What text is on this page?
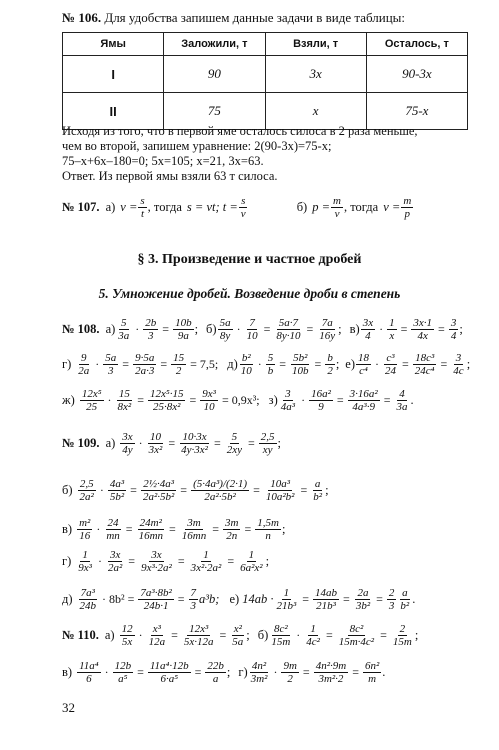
№ 106. Для удобства запишем данные задачи в виде таблицы:
Ямы	Заложили, т	Взяли, т	Осталось, т
I	90	3x	90-3x
II	75	x	75-x
Исходя из того, что в первой яме осталось силоса в 2 раза меньше,
чем во второй, запишем уравнение: 2(90-3x)=75-x;
75–x+6x–180=0; 5x=105; x=21, 3x=63.
Ответ. Из первой ямы взяли 63 т силоса.
№ 107. а) $v = \frac{s}{t}$ , тогда s = vt; $t = \frac{s}{v}$	б) $p = \frac{m}{v}$ , тогда $v = \frac{m}{p}$
§ 3. Произведение и частное дробей
5. Умножение дробей. Возведение дроби в степень
№ 108. а) 5
$3a \cdot \frac{2b}{3} = \frac{10b}{9a}$ ; б) 5a
$8y \cdot \frac{7}{10} = \frac{5a\cdot 7}{8y\cdot 10} = \frac{7a}{16y}$ ; в) 3x
$4 \cdot \frac{1}{x} = \frac{3x\cdot 1}{4x} = \frac{3}{4}$ ;
г) 9
$2a \cdot \frac{5a}{3} = \frac{9\cdot 5a}{2a\cdot 3} = \frac{15}{2} = 7,5$; д) b²
$10 \cdot \frac{5}{b} = \frac{\text{5b²}}{10b} = \frac{b}{2}$ ; е) 18
$c^4 \cdot \frac{\text{c³}}{24} = \frac{\text{18c³}}{\text{24c⁴}} = \frac{3}{4c}$ ;
ж) 12x⁵
$25 \cdot \frac{15}{\text{8x²}} = \frac{\text{12x⁵·15}}{\text{25·8x²}} = \frac{\text{9x³}}{10} = 0,9x^3$; з) 3
$4a^3 \cdot \frac{\text{16a²}}{9} = \frac{\text{3·16a²}}{\text{4a³·9}} = \frac{4}{3a}$ .
№ 109. а) 3x
$4y \cdot \frac{10}{\text{3x²}} = \frac{10\cdot 3x}{\text{4y·3x²}} = \frac{5}{2xy} = \frac{2,5}{xy}$ ;
б) 2,5
$2a^2 \cdot \frac{\text{4a³}}{\text{5b²}} = \frac{\text{2½·4a³}}{\text{2a²·5b²}} = \frac{\text{(5·4a³)/(2·1)}}{\text{2a²·5b²}} = \frac{\text{10a³}}{\text{10a²b²}} = \frac{a}{\text{b²}}$ ;
в) m²
$16 \cdot \frac{24}{mn} = \frac{\text{24m²}}{16mn} = \frac{3m}{16mn} = \frac{3m}{2n} = \frac{1,5m}{n}$ ;
г) 1
$9x^3 \cdot \frac{3x}{\text{2a²}} = \frac{3x}{\text{9x³·2a²}} = \frac{1}{\text{3x²·2a²}} = \frac{1}{\text{6a²x²}}$ ;
д) 7a³
$24b \cdot 8b^2 = \frac{\text{7a³·8b²}}{24b\cdot 1} = \frac{7}{3} a^3b$; е) $14ab \cdot \frac{1}{\text{21b³}} = \frac{14ab}{\text{21b³}} = \frac{2a}{\text{3b²}} = \frac{2}{3}$ a
b² .
№ 110. а) 12
$5x \cdot \frac{\text{x³}}{12a} = \frac{\text{12x³}}{5x\cdot 12a} = \frac{\text{x²}}{5a}$ ; б) 8c²
$15m \cdot \frac{1}{\text{4c²}} = \frac{\text{8c²}}{\text{15m·4c²}} = \frac{2}{15m}$ ;
в) 11a⁴
$6 \cdot \frac{12b}{\text{a⁵}} = \frac{\text{11a⁴·12b}}{\text{6·a⁵}} = \frac{22b}{a}$ ; г) 4n²
$3m^2 \cdot \frac{9m}{2} = \frac{\text{4n²·9m}}{\text{3m²·2}} = \frac{\text{6n²}}{m}$ .
32
